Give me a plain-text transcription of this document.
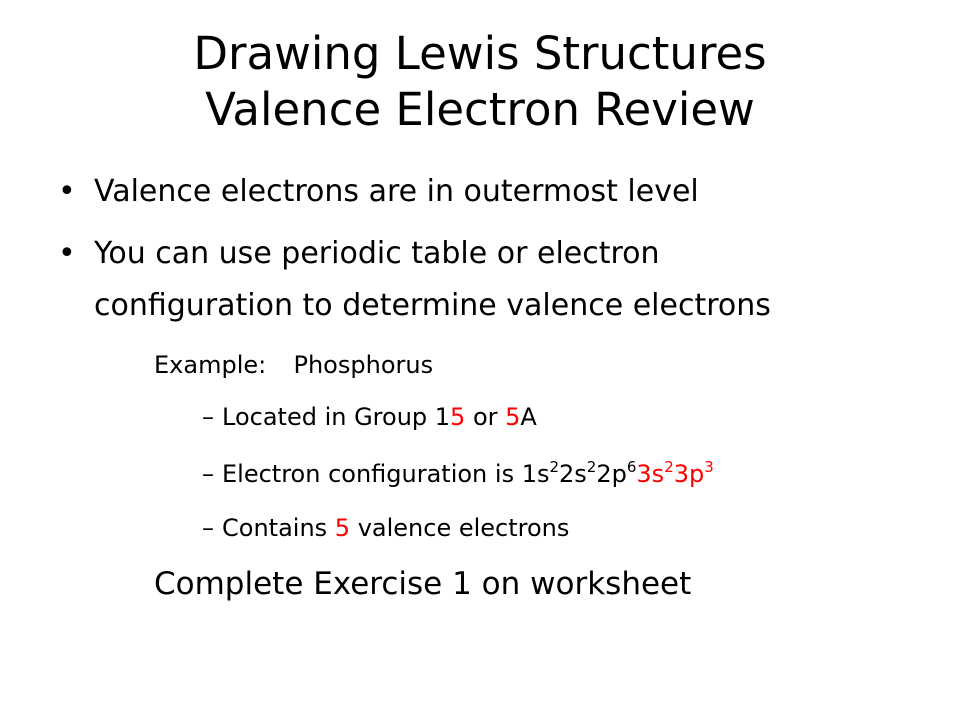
Drawing Lewis Structures
Valence Electron Review
• Valence electrons are in outermost level
• You can use periodic table or electron
configuration to determine valence electrons
Example: Phosphorus
– Located in Group 15 or 5A
– Electron configuration is $1s^22s^22p^63s^23p^3$
– Contains 5 valence electrons
Complete Exercise 1 on worksheet
